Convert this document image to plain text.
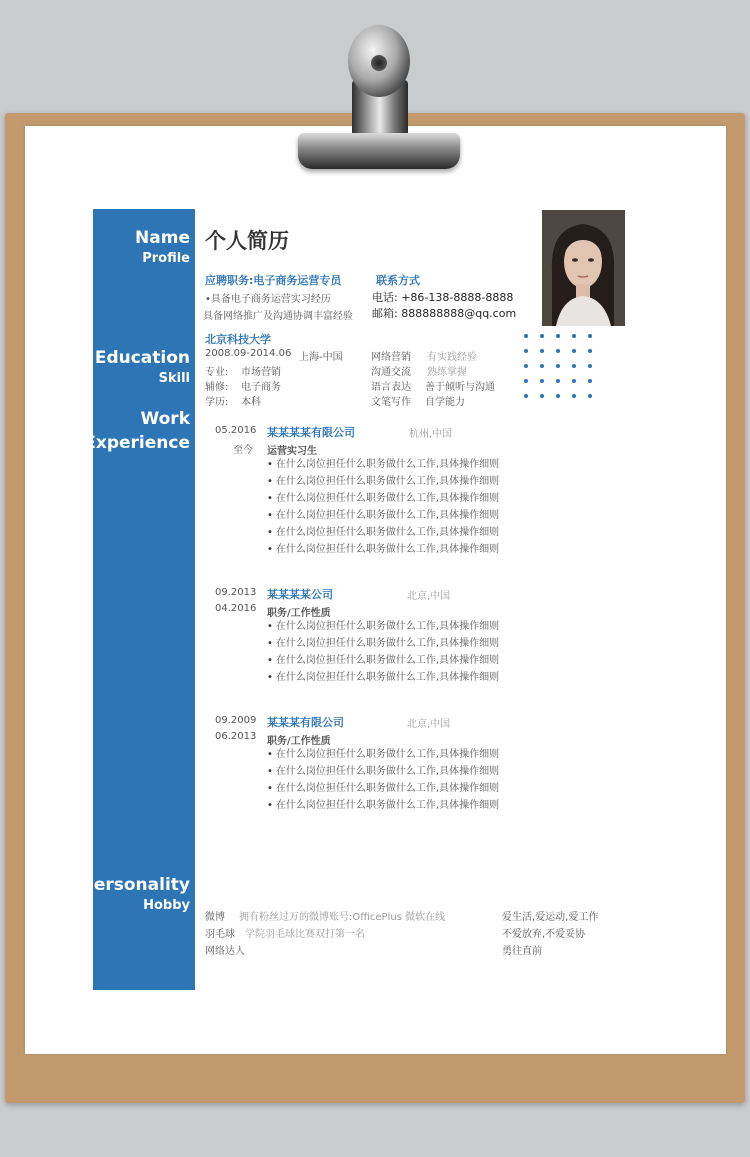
Name
Profile
Education
Skill
Work
Experience
Personality
Hobby
个人简历
应聘职务:电子商务运营专员
•具备电子商务运营实习经历
具备网络推广及沟通协调丰富经验
联系方式
电话: +86-138-8888-8888
邮箱: 888888888@qq.com
北京科技大学
2008.09-2014.06 上海-中国
专业: 市场营销
辅修: 电子商务
学历: 本科
网络营销 有实践经验
沟通交流 熟练掌握
语言表达 善于倾听与沟通
文笔写作 自学能力
05.2016
至今
某某某某有限公司	杭州,中国
运营实习生
• 在什么岗位担任什么职务做什么工作,具体操作细则
• 在什么岗位担任什么职务做什么工作,具体操作细则
• 在什么岗位担任什么职务做什么工作,具体操作细则
• 在什么岗位担任什么职务做什么工作,具体操作细则
• 在什么岗位担任什么职务做什么工作,具体操作细则
• 在什么岗位担任什么职务做什么工作,具体操作细则
09.2013
04.2016
某某某某公司	北京,中国
职务/工作性质
• 在什么岗位担任什么职务做什么工作,具体操作细则
• 在什么岗位担任什么职务做什么工作,具体操作细则
• 在什么岗位担任什么职务做什么工作,具体操作细则
• 在什么岗位担任什么职务做什么工作,具体操作细则
09.2009
06.2013
某某某有限公司	北京,中国
职务/工作性质
• 在什么岗位担任什么职务做什么工作,具体操作细则
• 在什么岗位担任什么职务做什么工作,具体操作细则
• 在什么岗位担任什么职务做什么工作,具体操作细则
• 在什么岗位担任什么职务做什么工作,具体操作细则
微博 拥有粉丝过万的微博账号:OfficePlus 微软在线
羽毛球 学院羽毛球比赛双打第一名
网络达人
爱生活,爱运动,爱工作
不爱放弃,不爱妥协
勇往直前
